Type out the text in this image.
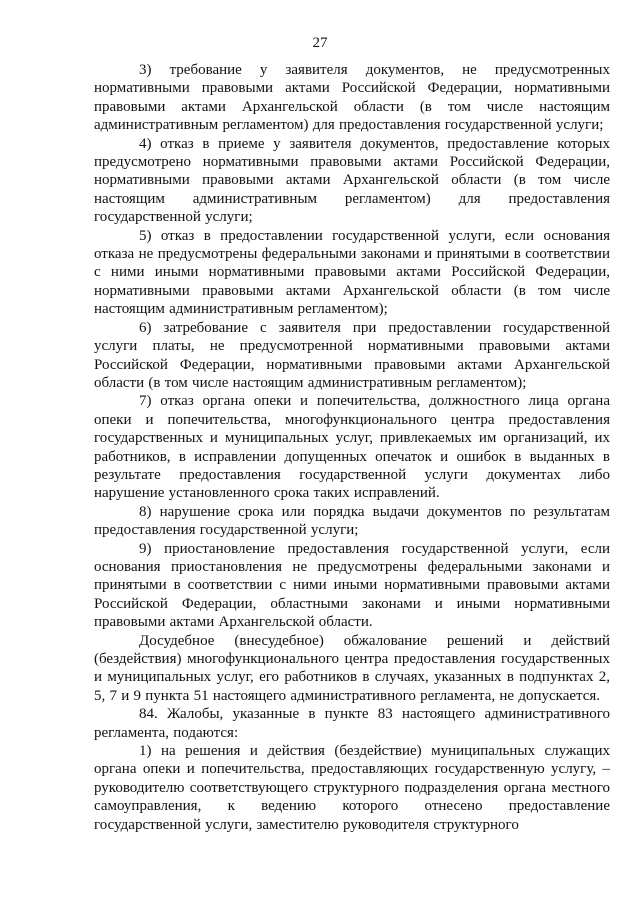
27

3) требование у заявителя документов, не предусмотренных нормативными правовыми актами Российской Федерации, нормативными правовыми актами Архангельской области (в том числе настоящим административным регламентом) для предоставления государственной услуги;

4) отказ в приеме у заявителя документов, предоставление которых предусмотрено нормативными правовыми актами Российской Федерации, нормативными правовыми актами Архангельской области (в том числе настоящим административным регламентом) для предоставления государственной услуги;

5) отказ в предоставлении государственной услуги, если основания отказа не предусмотрены федеральными законами и принятыми в соответствии с ними иными нормативными правовыми актами Российской Федерации, нормативными правовыми актами Архангельской области (в том числе настоящим административным регламентом);

6) затребование с заявителя при предоставлении государственной услуги платы, не предусмотренной нормативными правовыми актами Российской Федерации, нормативными правовыми актами Архангельской области (в том числе настоящим административным регламентом);

7) отказ органа опеки и попечительства, должностного лица органа опеки и попечительства, многофункционального центра предоставления государственных и муниципальных услуг, привлекаемых им организаций, их работников, в исправлении допущенных опечаток и ошибок в выданных в результате предоставления государственной услуги документах либо нарушение установленного срока таких исправлений.

8) нарушение срока или порядка выдачи документов по результатам предоставления государственной услуги;

9) приостановление предоставления государственной услуги, если основания приостановления не предусмотрены федеральными законами и принятыми в соответствии с ними иными нормативными правовыми актами Российской Федерации, областными законами и иными нормативными правовыми актами Архангельской области.

Досудебное (внесудебное) обжалование решений и действий (бездействия) многофункционального центра предоставления государственных и муниципальных услуг, его работников в случаях, указанных в подпунктах 2, 5, 7 и 9 пункта 51 настоящего административного регламента, не допускается.

84. Жалобы, указанные в пункте 83 настоящего административного регламента, подаются:

1) на решения и действия (бездействие) муниципальных служащих органа опеки и попечительства, предоставляющих государственную услугу, – руководителю соответствующего структурного подразделения органа местного самоуправления, к ведению которого отнесено предоставление государственной услуги, заместителю руководителя структурного
